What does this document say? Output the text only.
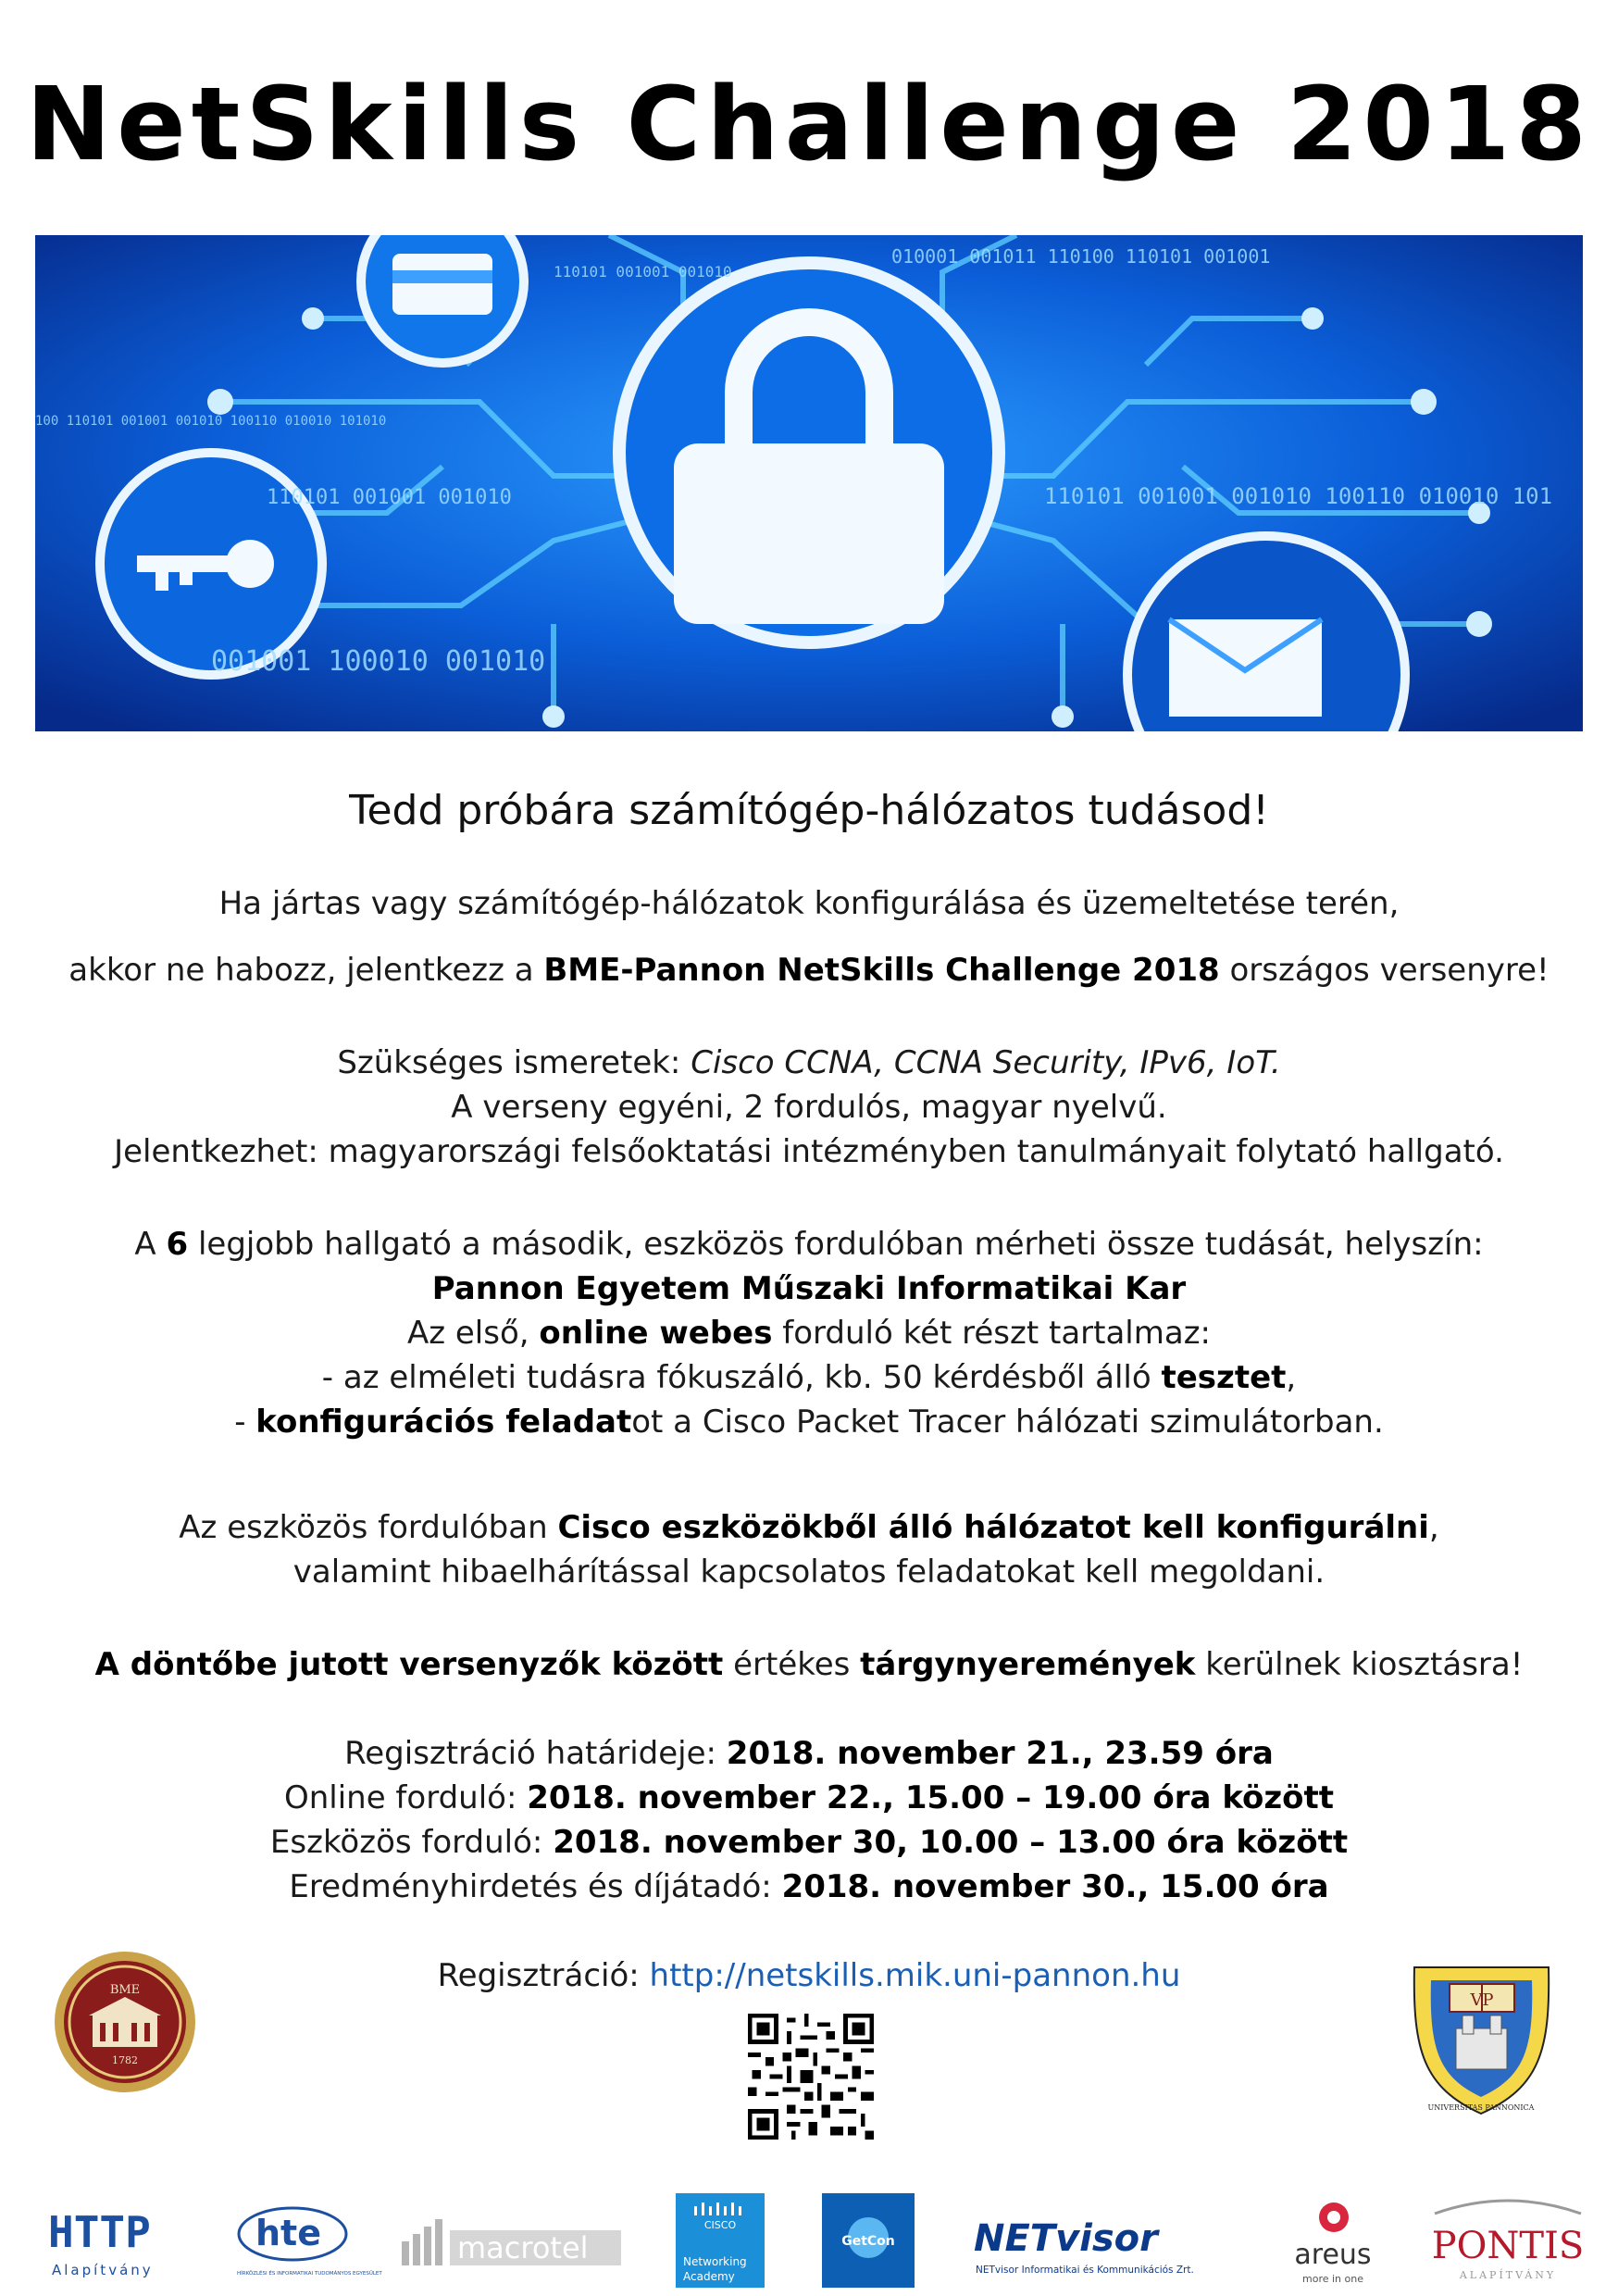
NetSkills Challenge 2018
010001 001011 110100 110101 001001
110101 001001 001010
110101 001001 001010 100110 010010 101
001001 100010 001010
110101 001001 001010
100 110101 001001 001010 100110 010010 101010
Tedd próbára számítógép-hálózatos tudásod!

Ha jártas vagy számítógép-hálózatok konfigurálása és üzemeltetése terén,

akkor ne habozz, jelentkezz a BME-Pannon NetSkills Challenge 2018 országos versenyre!

Szükséges ismeretek: Cisco CCNA, CCNA Security, IPv6, IoT.

A verseny egyéni, 2 fordulós, magyar nyelvű.

Jelentkezhet: magyarországi felsőoktatási intézményben tanulmányait folytató hallgató.

A 6 legjobb hallgató a második, eszközös fordulóban mérheti össze tudását, helyszín:

Pannon Egyetem Műszaki Informatikai Kar

Az első, online webes forduló két részt tartalmaz:

- az elméleti tudásra fókuszáló, kb. 50 kérdésből álló tesztet,

- konfigurációs feladatot a Cisco Packet Tracer hálózati szimulátorban.

Az eszközös fordulóban Cisco eszközökből álló hálózatot kell konfigurálni,

valamint hibaelhárítással kapcsolatos feladatokat kell megoldani.

A döntőbe jutott versenyzők között értékes tárgynyeremények kerülnek kiosztásra!

Regisztráció határideje: 2018. november 21., 23.59 óra

Online forduló: 2018. november 22., 15.00 – 19.00 óra között

Eszközös forduló: 2018. november 30, 10.00 – 13.00 óra között

Eredményhirdetés és díjátadó: 2018. november 30., 15.00 óra

Regisztráció: http://netskills.mik.uni-pannon.hu

BME
1782
VP
UNIVERSITAS PANNONICA
HTTP
Alapítvány
hte
HÍRKÖZLÉSI ÉS INFORMATIKAI TUDOMÁNYOS EGYESÜLET
macrotel
CISCO
Networking
Academy
GetCon NETvisor
NETvisor Informatikai és Kommunikációs Zrt.	areus
more in one
PONTIS
ALAPÍTVÁNY
